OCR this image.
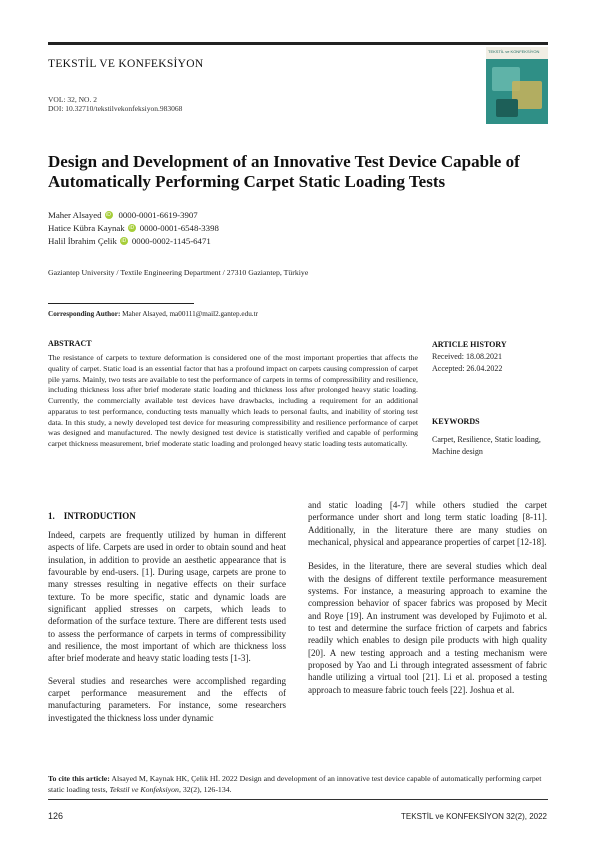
TEKSTİL VE KONFEKSİYON
VOL: 32, NO. 2
DOI: 10.32710/tekstilvekonfeksiyon.983068
TEKSTİL ve KONFEKSİYON
Design and Development of an Innovative Test Device Capable of Automatically Performing Carpet Static Loading Tests
Maher Alsayed iD 0000-0001-6619-3907
Hatice Kübra Kaynak iD 0000-0001-6548-3398
Halil İbrahim Çelik iD 0000-0002-1145-6471
Gaziantep University / Textile Engineering Department / 27310 Gaziantep, Türkiye
Corresponding Author: Maher Alsayed, ma00111@mail2.gantep.edu.tr
ABSTRACT
The resistance of carpets to texture deformation is considered one of the most important properties that affects the quality of carpet. Static load is an essential factor that has a profound impact on carpets causing compression of carpet pile yarns. Mainly, two tests are available to test the performance of carpets in terms of compressibility and resilience, including thickness loss after brief moderate static loading and thickness loss after prolonged heavy static loading. Currently, the commercially available test devices have drawbacks, including a requirement for an additional apparatus to test performance, conducting tests manually which leads to personal faults, and inability of storing test data. In this study, a newly developed test device for measuring compressibility and resilience performance of carpet was designed and manufactured. The newly designed test device is statistically verified and capable of performing carpet thickness measurement, brief moderate static loading and prolonged heavy static loading tests automatically.
ARTICLE HISTORY
Received: 18.08.2021
Accepted: 26.04.2022
KEYWORDS
Carpet, Resilience, Static loading, Machine design
1.    INTRODUCTION

Indeed, carpets are frequently utilized by human in different aspects of life. Carpets are used in order to obtain sound and heat insulation, in addition to provide an aesthetic appearance that is favourable by end-users. [1]. During usage, carpets are prone to many stresses resulting in negative effects on their surface texture. To be more specific, static and dynamic loads are significant applied stresses on carpets, which leads to deformation of the surface texture. There are different tests used to assess the performance of carpets in terms of compressibility and resilience, the most important of which are thickness loss after brief moderate and heavy static loading tests [1-3].

Several studies and researches were accomplished regarding carpet performance measurement and the effects of manufacturing parameters. For instance, some researchers investigated the thickness loss under dynamic

and static loading [4-7] while others studied the carpet performance under short and long term static loading [8-11]. Additionally, in the literature there are many studies on mechanical, physical and appearance properties of carpet [12-18].

Besides, in the literature, there are several studies which deal with the designs of different textile performance measurement systems. For instance, a measuring approach to examine the compression behavior of spacer fabrics was proposed by Mecit and Roye [19]. An instrument was developed by Fujimoto et al. to test and determine the surface friction of carpets and fabrics readily which enables to design pile products with high quality [20]. A new testing approach and a testing mechanism were proposed by Yao and Li through integrated assessment of fabric handle utilizing a virtual tool [21]. Li et al. proposed a testing approach to measure fabric touch feels [22]. Joshua et al.

To cite this article: Alsayed M, Kaynak HK, Çelik Hİ. 2022 Design and development of an innovative test device capable of automatically performing carpet static loading tests, Tekstil ve Konfeksiyon, 32(2), 126-134.
126	TEKSTİL ve KONFEKSİYON 32(2), 2022
